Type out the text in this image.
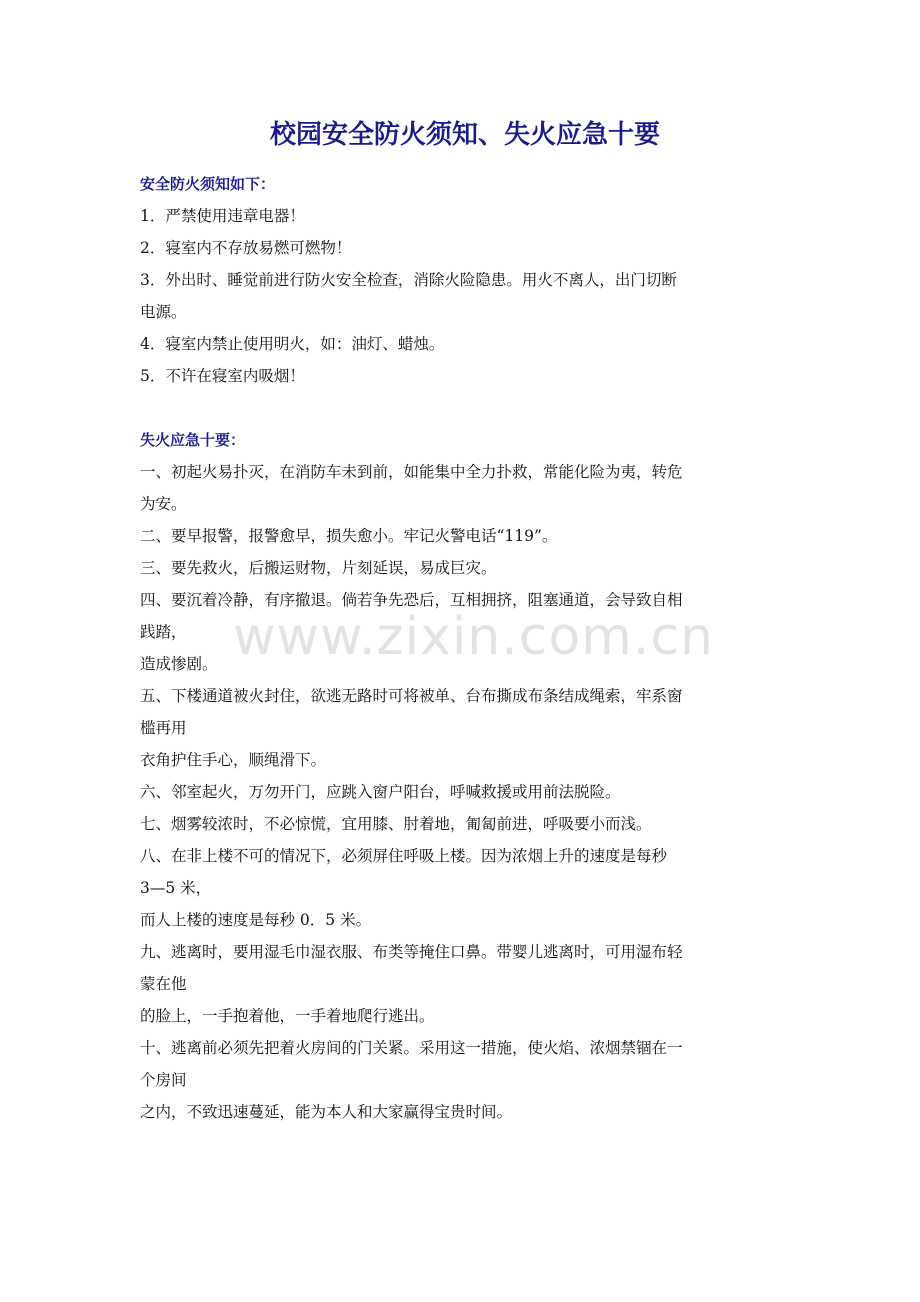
校园安全防火须知、失火应急十要
安全防火须知如下：

1．严禁使用违章电器！

2．寝室内不存放易燃可燃物！

3．外出时、睡觉前进行防火安全检查，消除火险隐患。用火不离人，出门切断
电源。

4．寝室内禁止使用明火，如：油灯、蜡烛。

5．不许在寝室内吸烟！

失火应急十要：

一、初起火易扑灭，在消防车未到前，如能集中全力扑救，常能化险为夷，转危
为安。

二、要早报警，报警愈早，损失愈小。牢记火警电话“119”。

三、要先救火，后搬运财物，片刻延误，易成巨灾。

四、要沉着冷静，有序撤退。倘若争先恐后，互相拥挤，阻塞通道，会导致自相
践踏，
造成惨剧。

五、下楼通道被火封住，欲逃无路时可将被单、台布撕成布条结成绳索，牢系窗
槛再用
衣角护住手心，顺绳滑下。

六、邻室起火，万勿开门，应跳入窗户阳台，呼喊救援或用前法脱险。

七、烟雾较浓时，不必惊慌，宜用膝、肘着地，匍匐前进，呼吸要小而浅。

八、在非上楼不可的情况下，必须屏住呼吸上楼。因为浓烟上升的速度是每秒
3—5 米，
而人上楼的速度是每秒 0．5 米。

九、逃离时，要用湿毛巾湿衣服、布类等掩住口鼻。带婴儿逃离时，可用湿布轻
蒙在他
的脸上，一手抱着他，一手着地爬行逃出。

十、逃离前必须先把着火房间的门关紧。采用这一措施，使火焰、浓烟禁锢在一
个房间
之内，不致迅速蔓延，能为本人和大家赢得宝贵时间。

www.zixin.com.cn
